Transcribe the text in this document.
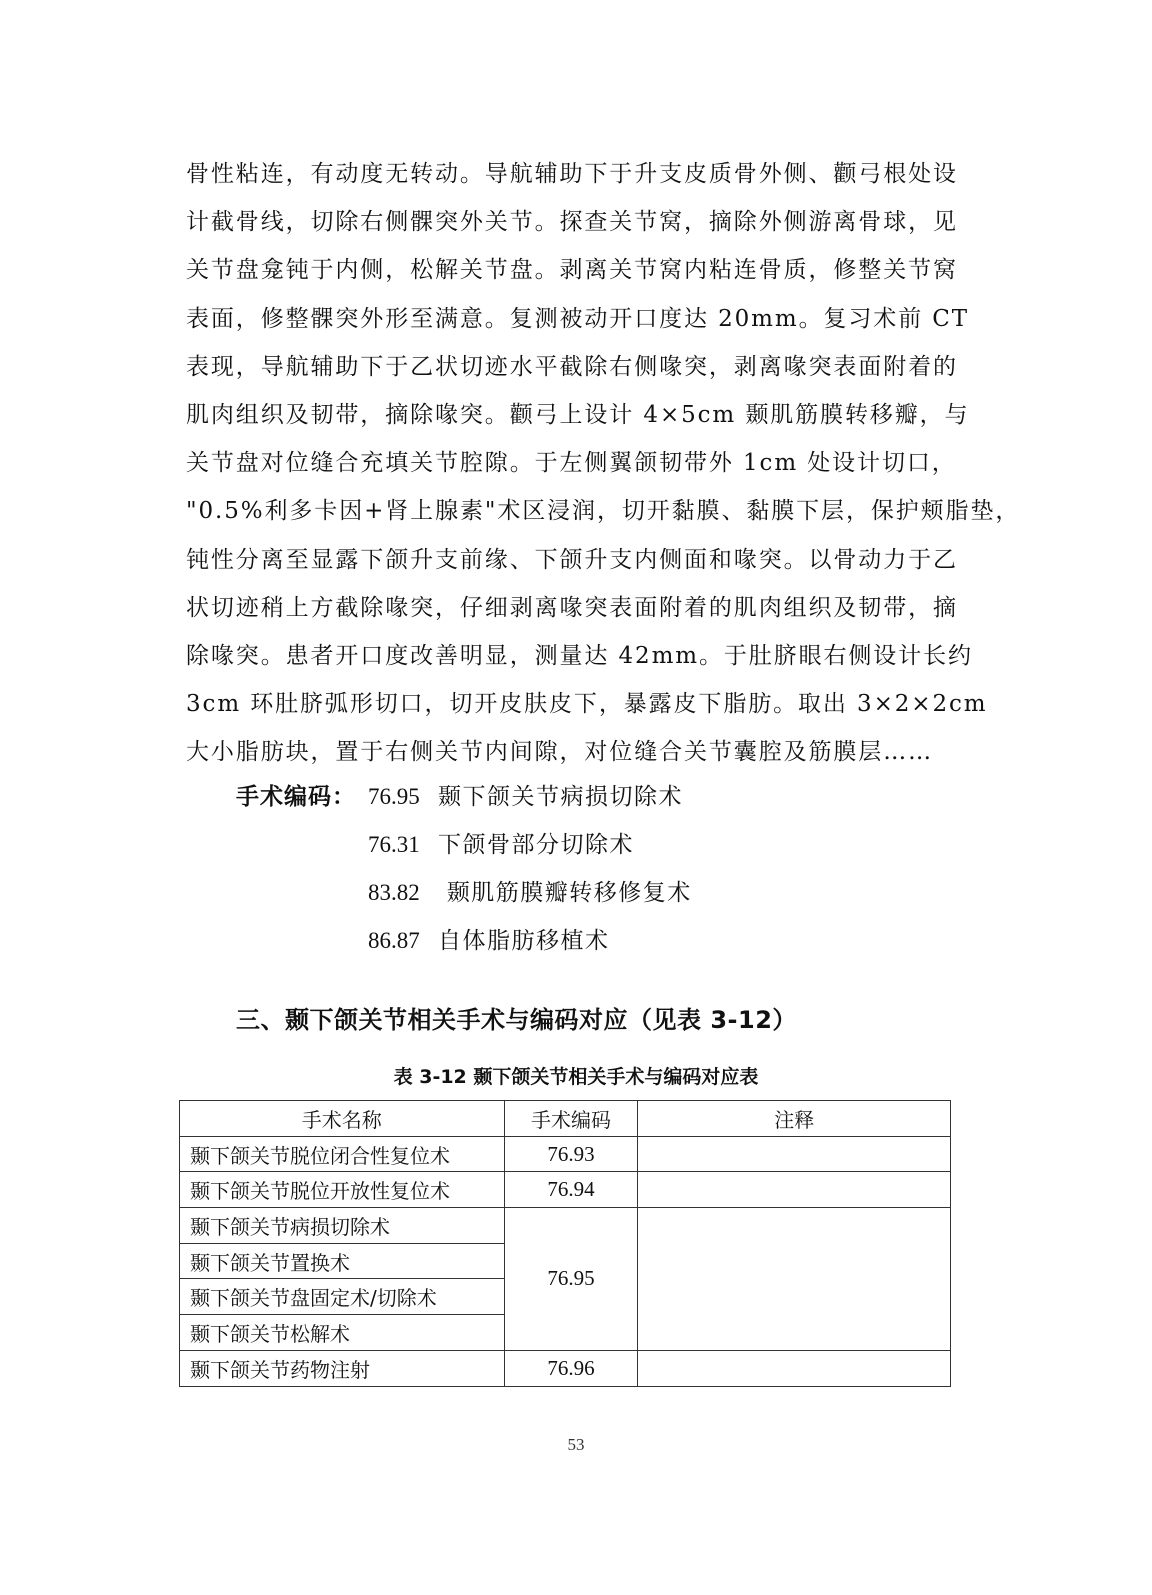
骨性粘连，有动度无转动。导航辅助下于升支皮质骨外侧、颧弓根处设
计截骨线，切除右侧髁突外关节。探查关节窝，摘除外侧游离骨球，见
关节盘龛钝于内侧，松解关节盘。剥离关节窝内粘连骨质，修整关节窝
表面，修整髁突外形至满意。复测被动开口度达 20mm。复习术前 CT
表现，导航辅助下于乙状切迹水平截除右侧喙突，剥离喙突表面附着的
肌肉组织及韧带，摘除喙突。颧弓上设计 4×5cm 颞肌筋膜转移瓣，与
关节盘对位缝合充填关节腔隙。于左侧翼颌韧带外 1cm 处设计切口，
"0.5%利多卡因+肾上腺素"术区浸润，切开黏膜、黏膜下层，保护颊脂垫，
钝性分离至显露下颌升支前缘、下颌升支内侧面和喙突。以骨动力于乙
状切迹稍上方截除喙突，仔细剥离喙突表面附着的肌肉组织及韧带，摘
除喙突。患者开口度改善明显，测量达 42mm。于肚脐眼右侧设计长约
3cm 环肚脐弧形切口，切开皮肤皮下，暴露皮下脂肪。取出 3×2×2cm
大小脂肪块，置于右侧关节内间隙，对位缝合关节囊腔及筋膜层……
手术编码： 76.95 颞下颌关节病损切除术
76.31 下颌骨部分切除术
83.82 颞肌筋膜瓣转移修复术
86.87 自体脂肪移植术
三、颞下颌关节相关手术与编码对应（见表 3-12）
表 3-12 颞下颌关节相关手术与编码对应表
手术名称	手术编码	注释
颞下颌关节脱位闭合性复位术	76.93	
颞下颌关节脱位开放性复位术	76.94	
颞下颌关节病损切除术	76.95	
颞下颌关节置换术		
颞下颌关节盘固定术/切除术		
颞下颌关节松解术		
颞下颌关节药物注射	76.96	
53
